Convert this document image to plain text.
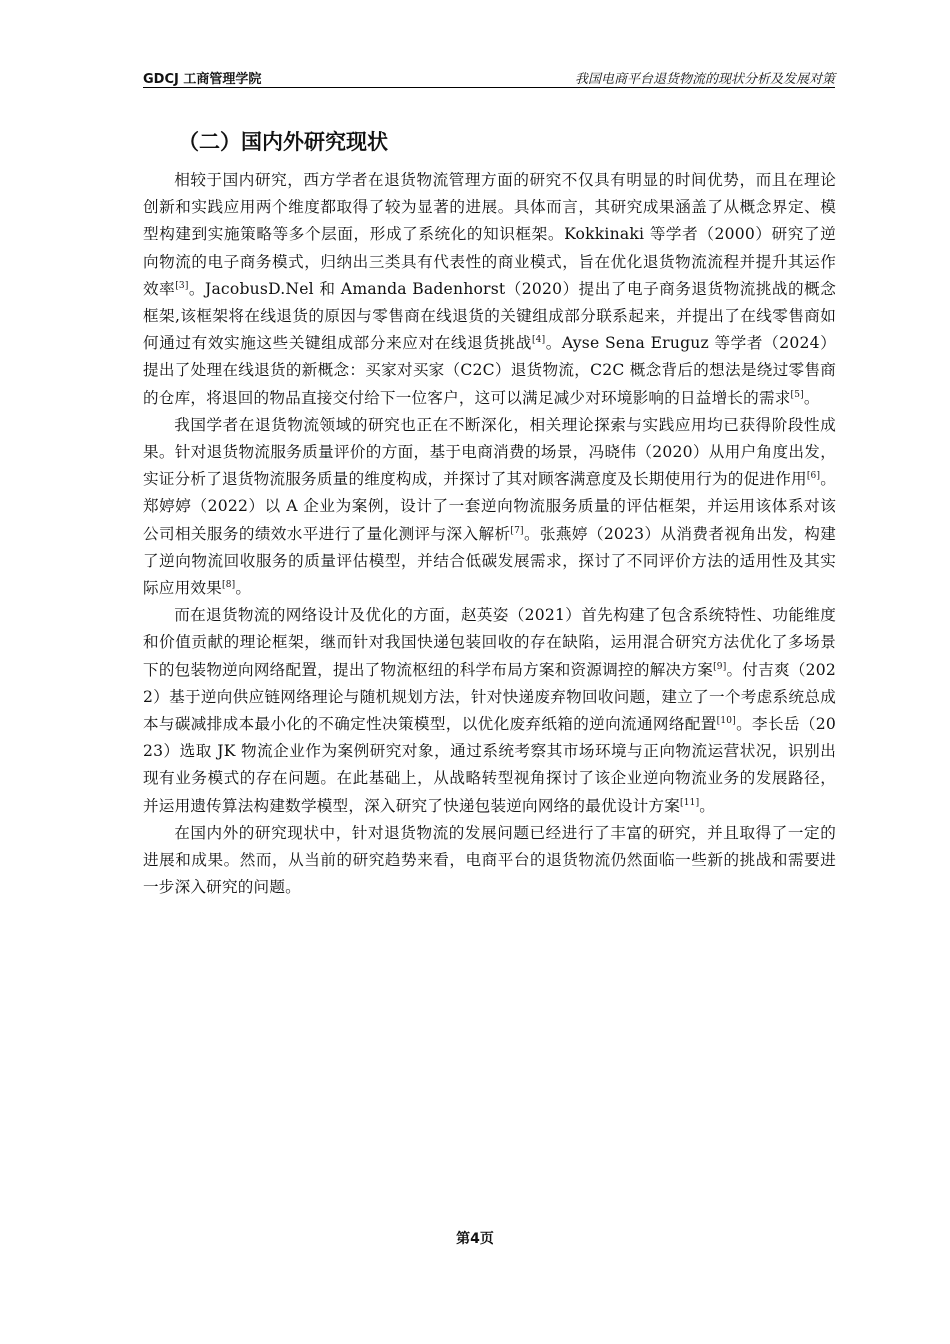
GDCJ 工商管理学院	我国电商平台退货物流的现状分析及发展对策
（二）国内外研究现状

相较于国内研究，西方学者在退货物流管理方面的研究不仅具有明显的时间优势，而且在理论创新和实践应用两个维度都取得了较为显著的进展。具体而言，其研究成果涵盖了从概念界定、模型构建到实施策略等多个层面，形成了系统化的知识框架。Kokkinaki 等学者（2000）研究了逆向物流的电子商务模式，归纳出三类具有代表性的商业模式，旨在优化退货物流流程并提升其运作效率[3]。JacobusD.Nel 和 Amanda Badenhorst（2020）提出了电子商务退货物流挑战的概念框架,该框架将在线退货的原因与零售商在线退货的关键组成部分联系起来，并提出了在线零售商如何通过有效实施这些关键组成部分来应对在线退货挑战[4]。Ayse Sena Eruguz 等学者（2024）提出了处理在线退货的新概念：买家对买家（C2C）退货物流，C2C 概念背后的想法是绕过零售商的仓库，将退回的物品直接交付给下一位客户，这可以满足减少对环境影响的日益增长的需求[5]。

我国学者在退货物流领域的研究也正在不断深化，相关理论探索与实践应用均已获得阶段性成果。针对退货物流服务质量评价的方面，基于电商消费的场景，冯晓伟（2020）从用户角度出发，实证分析了退货物流服务质量的维度构成，并探讨了其对顾客满意度及长期使用行为的促进作用[6]。郑婷婷（2022）以 A 企业为案例，设计了一套逆向物流服务质量的评估框架，并运用该体系对该公司相关服务的绩效水平进行了量化测评与深入解析[7]。张燕婷（2023）从消费者视角出发，构建了逆向物流回收服务的质量评估模型，并结合低碳发展需求，探讨了不同评价方法的适用性及其实际应用效果[8]。

而在退货物流的网络设计及优化的方面，赵英姿（2021）首先构建了包含系统特性、功能维度和价值贡献的理论框架，继而针对我国快递包装回收的存在缺陷，运用混合研究方法优化了多场景下的包装物逆向网络配置，提出了物流枢纽的科学布局方案和资源调控的解决方案[9]。付吉爽（2022）基于逆向供应链网络理论与随机规划方法，针对快递废弃物回收问题，建立了一个考虑系统总成本与碳减排成本最小化的不确定性决策模型，以优化废弃纸箱的逆向流通网络配置[10]。李长岳（2023）选取 JK 物流企业作为案例研究对象，通过系统考察其市场环境与正向物流运营状况，识别出现有业务模式的存在问题。在此基础上，从战略转型视角探讨了该企业逆向物流业务的发展路径，并运用遗传算法构建数学模型，深入研究了快递包装逆向网络的最优设计方案[11]。

在国内外的研究现状中，针对退货物流的发展问题已经进行了丰富的研究，并且取得了一定的进展和成果。然而，从当前的研究趋势来看，电商平台的退货物流仍然面临一些新的挑战和需要进一步深入研究的问题。

第4页
